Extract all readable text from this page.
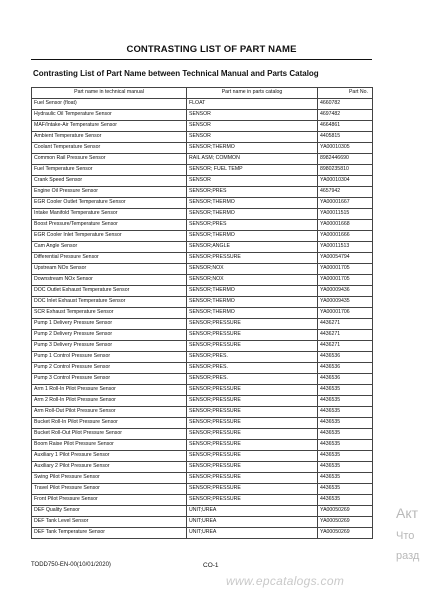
CONTRASTING LIST OF PART NAME
Contrasting List of Part Name between Technical Manual and Parts Catalog
Part name in technical manual	Part name in parts catalog	Part No.
Fuel Sensor (float)	FLOAT	4660782
Hydraulic Oil Temperature Sensor	SENSOR	4697482
MAF/Intake-Air Temperature Sensor	SENSOR	4664861
Ambient Temperature Sensor	SENSOR	4405815
Coolant Temperature Sensor	SENSOR;THERMO	YA00010305
Common Rail Pressure Sensor	RAIL ASM; COMMON	8982446690
Fuel Temperature Sensor	SENSOR; FUEL TEMP	8980235810
Crank Speed Sensor	SENSOR	YA00010304
Engine Oil Pressure Sensor	SENSOR;PRES	4657942
EGR Cooler Outlet Temperature Sensor	SENSOR;THERMO	YA00001667
Intake Manifold Temperature Sensor	SENSOR;THERMO	YA00011515
Boost Pressure/Temperature Sensor	SENSOR;PRES	YA00001668
EGR Cooler Inlet Temperature Sensor	SENSOR;THERMO	YA00001666
Cam Angle Sensor	SENSOR;ANGLE	YA00011513
Differential Pressure Sensor	SENSOR;PRESSURE	YA00054794
Upstream NOx Sensor	SENSOR;NOX	YA00001705
Downstream NOx Sensor	SENSOR;NOX	YA00001705
DOC Outlet Exhaust Temperature Sensor	SENSOR;THERMO	YA00009436
DOC Inlet Exhaust Temperature Sensor	SENSOR;THERMO	YA00009435
SCR Exhaust Temperature Sensor	SENSOR;THERMO	YA00001706
Pump 1 Delivery Pressure Sensor	SENSOR;PRESSURE	4436271
Pump 2 Delivery Pressure Sensor	SENSOR;PRESSURE	4436271
Pump 3 Delivery Pressure Sensor	SENSOR;PRESSURE	4436271
Pump 1 Control Pressure Sensor	SENSOR;PRES.	4436536
Pump 2 Control Pressure Sensor	SENSOR;PRES.	4436536
Pump 3 Control Pressure Sensor	SENSOR;PRES.	4436536
Arm 1 Roll-In Pilot Pressure Sensor	SENSOR;PRESSURE	4436535
Arm 2 Roll-In Pilot Pressure Sensor	SENSOR;PRESSURE	4436535
Arm Roll-Out Pilot Pressure Sensor	SENSOR;PRESSURE	4436535
Bucket Roll-In Pilot Pressure Sensor	SENSOR;PRESSURE	4436535
Bucket Roll-Out Pilot Pressure Sensor	SENSOR;PRESSURE	4436535
Boom Raise Pilot Pressure Sensor	SENSOR;PRESSURE	4436535
Auxiliary 1 Pilot Pressure Sensor	SENSOR;PRESSURE	4436535
Auxiliary 2 Pilot Pressure Sensor	SENSOR;PRESSURE	4436535
Swing Pilot Pressure Sensor	SENSOR;PRESSURE	4436535
Travel Pilot Pressure Sensor	SENSOR;PRESSURE	4436535
Front Pilot Pressure Sensor	SENSOR;PRESSURE	4436535
DEF Quality Sensor	UNIT;UREA	YA00050269
DEF Tank Level Sensor	UNIT;UREA	YA00050269
DEF Tank Temperature Sensor	UNIT;UREA	YA00050269
TODD750-EN-00(10/01/2020)	CO-1
www.epcatalogs.com
Акт
Что
разд
